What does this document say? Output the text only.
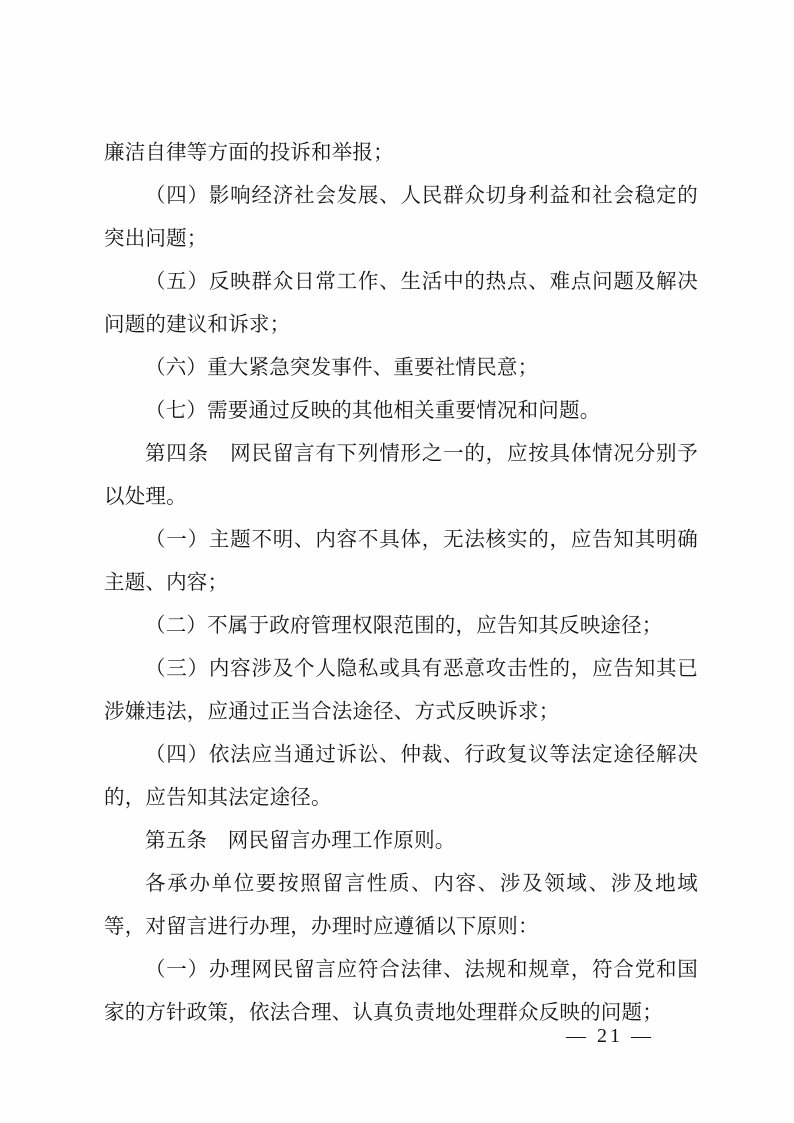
廉洁自律等方面的投诉和举报；

（四）影响经济社会发展、人民群众切身利益和社会稳定的突出问题；

（五）反映群众日常工作、生活中的热点、难点问题及解决问题的建议和诉求；

（六）重大紧急突发事件、重要社情民意；

（七）需要通过反映的其他相关重要情况和问题。

第四条　网民留言有下列情形之一的，应按具体情况分别予以处理。

（一）主题不明、内容不具体，无法核实的，应告知其明确主题、内容；

（二）不属于政府管理权限范围的，应告知其反映途径；

（三）内容涉及个人隐私或具有恶意攻击性的，应告知其已涉嫌违法，应通过正当合法途径、方式反映诉求；

（四）依法应当通过诉讼、仲裁、行政复议等法定途径解决的，应告知其法定途径。

第五条　网民留言办理工作原则。

各承办单位要按照留言性质、内容、涉及领域、涉及地域等，对留言进行办理，办理时应遵循以下原则：

（一）办理网民留言应符合法律、法规和规章，符合党和国家的方针政策，依法合理、认真负责地处理群众反映的问题；

— 21 —
